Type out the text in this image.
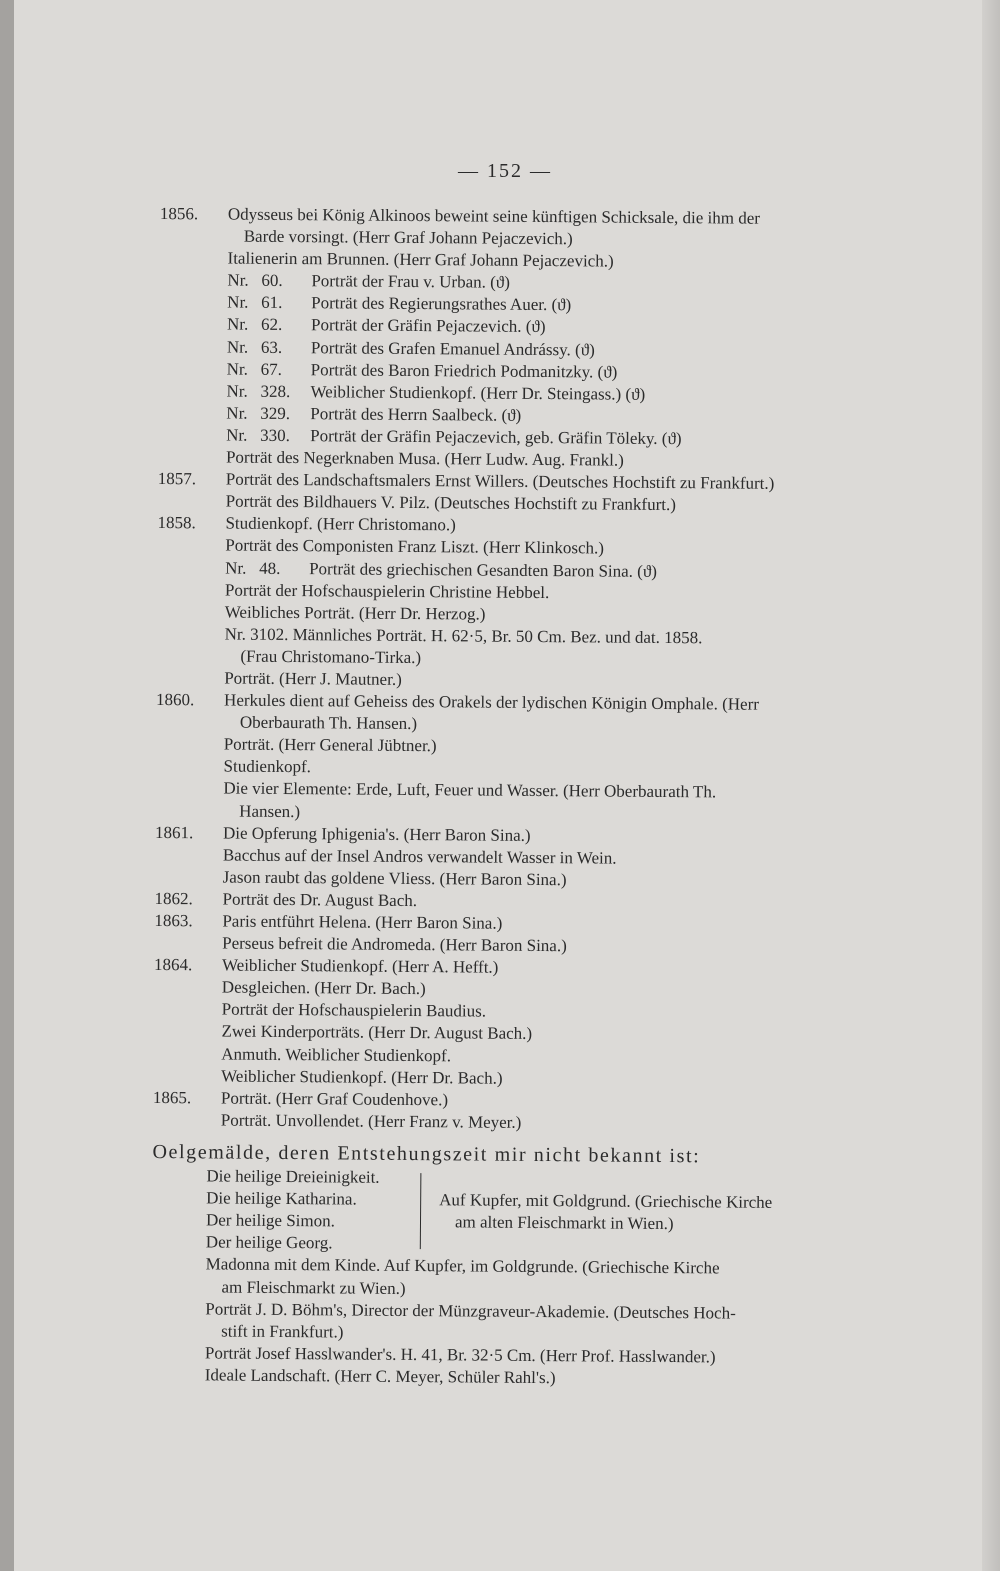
— 152 —
1856.	Odysseus bei König Alkinoos beweint seine künftigen Schicksale, die ihm der
Barde vorsingt. (Herr Graf Johann Pejaczevich.)
Italienerin am Brunnen. (Herr Graf Johann Pejaczevich.)
Nr. 60. Porträt der Frau v. Urban. (ϑ)
Nr. 61. Porträt des Regierungsrathes Auer. (ϑ)
Nr. 62. Porträt der Gräfin Pejaczevich. (ϑ)
Nr. 63. Porträt des Grafen Emanuel Andrássy. (ϑ)
Nr. 67. Porträt des Baron Friedrich Podmanitzky. (ϑ)
Nr. 328. Weiblicher Studienkopf. (Herr Dr. Steingass.) (ϑ)
Nr. 329. Porträt des Herrn Saalbeck. (ϑ)
Nr. 330. Porträt der Gräfin Pejaczevich, geb. Gräfin Töleky. (ϑ)
Porträt des Negerknaben Musa. (Herr Ludw. Aug. Frankl.)
1857.	Porträt des Landschaftsmalers Ernst Willers. (Deutsches Hochstift zu Frankfurt.)
Porträt des Bildhauers V. Pilz. (Deutsches Hochstift zu Frankfurt.)
1858.	Studienkopf. (Herr Christomano.)
Porträt des Componisten Franz Liszt. (Herr Klinkosch.)
Nr. 48. Porträt des griechischen Gesandten Baron Sina. (ϑ)
Porträt der Hofschauspielerin Christine Hebbel.
Weibliches Porträt. (Herr Dr. Herzog.)
Nr. 3102. Männliches Porträt. H. 62·5, Br. 50 Cm. Bez. und dat. 1858.
(Frau Christomano-Tirka.)
Porträt. (Herr J. Mautner.)
1860.	Herkules dient auf Geheiss des Orakels der lydischen Königin Omphale. (Herr
Oberbaurath Th. Hansen.)
Porträt. (Herr General Jübtner.)
Studienkopf.
Die vier Elemente: Erde, Luft, Feuer und Wasser. (Herr Oberbaurath Th.
Hansen.)
1861.	Die Opferung Iphigenia's. (Herr Baron Sina.)
Bacchus auf der Insel Andros verwandelt Wasser in Wein.
Jason raubt das goldene Vliess. (Herr Baron Sina.)
1862.	Porträt des Dr. August Bach.
1863.	Paris entführt Helena. (Herr Baron Sina.)
Perseus befreit die Andromeda. (Herr Baron Sina.)
1864.	Weiblicher Studienkopf. (Herr A. Hefft.)
Desgleichen. (Herr Dr. Bach.)
Porträt der Hofschauspielerin Baudius.
Zwei Kinderporträts. (Herr Dr. August Bach.)
Anmuth. Weiblicher Studienkopf.
Weiblicher Studienkopf. (Herr Dr. Bach.)
1865.	Porträt. (Herr Graf Coudenhove.)
Porträt. Unvollendet. (Herr Franz v. Meyer.)
Oelgemälde, deren Entstehungszeit mir nicht bekannt ist:
Die heilige Dreieinigkeit.
Die heilige Katharina.
Der heilige Simon.
Der heilige Georg.
Auf Kupfer, mit Goldgrund. (Griechische Kirche
am alten Fleischmarkt in Wien.)
Madonna mit dem Kinde. Auf Kupfer, im Goldgrunde. (Griechische Kirche
am Fleischmarkt zu Wien.)
Porträt J. D. Böhm's, Director der Münzgraveur-Akademie. (Deutsches Hoch-
stift in Frankfurt.)
Porträt Josef Hasslwander's. H. 41, Br. 32·5 Cm. (Herr Prof. Hasslwander.)
Ideale Landschaft. (Herr C. Meyer, Schüler Rahl's.)
